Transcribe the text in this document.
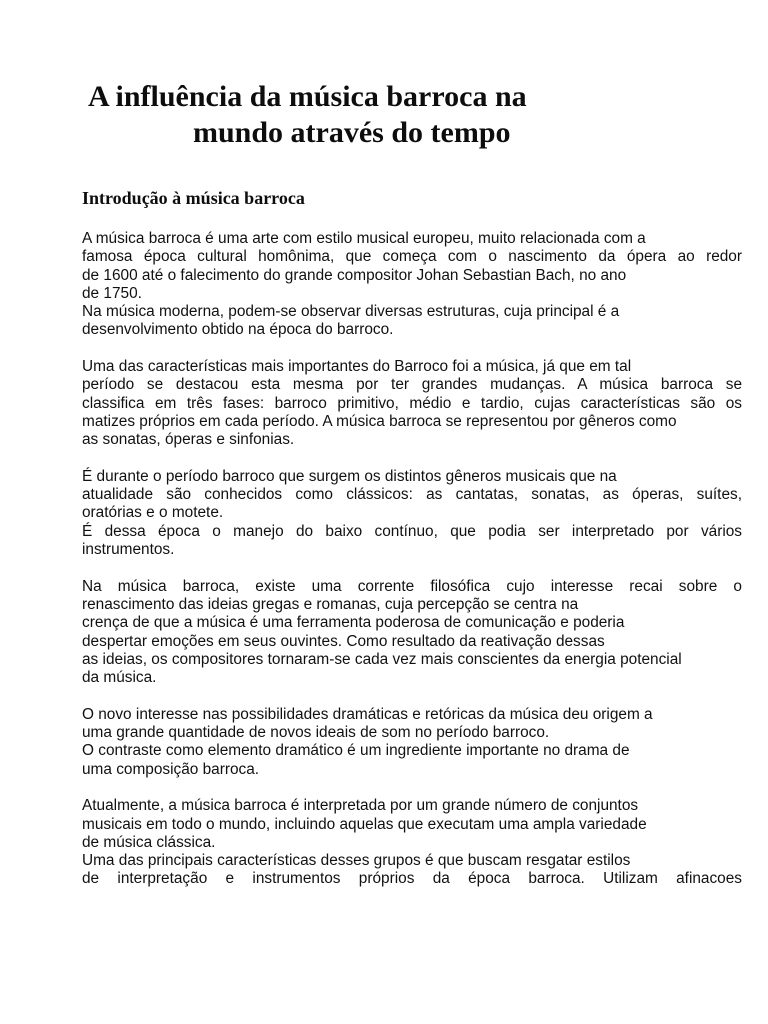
A influência da música barroca na
mundo através do tempo
Introdução à música barroca
A música barroca é uma arte com estilo musical europeu, muito relacionada com a
famosa época cultural homônima, que começa com o nascimento da ópera ao redor
de 1600 até o falecimento do grande compositor Johan Sebastian Bach, no ano
de 1750.
Na música moderna, podem-se observar diversas estruturas, cuja principal é a
desenvolvimento obtido na época do barroco.
Uma das características mais importantes do Barroco foi a música, já que em tal
período se destacou esta mesma por ter grandes mudanças. A música barroca se
classifica em três fases: barroco primitivo, médio e tardio, cujas características são os
matizes próprios em cada período. A música barroca se representou por gêneros como
as sonatas, óperas e sinfonias.
É durante o período barroco que surgem os distintos gêneros musicais que na
atualidade são conhecidos como clássicos: as cantatas, sonatas, as óperas, suítes,
oratórias e o motete.
É dessa época o manejo do baixo contínuo, que podia ser interpretado por vários
instrumentos.
Na música barroca, existe uma corrente filosófica cujo interesse recai sobre o
renascimento das ideias gregas e romanas, cuja percepção se centra na
crença de que a música é uma ferramenta poderosa de comunicação e poderia
despertar emoções em seus ouvintes. Como resultado da reativação dessas
as ideias, os compositores tornaram-se cada vez mais conscientes da energia potencial
da música.
O novo interesse nas possibilidades dramáticas e retóricas da música deu origem a
uma grande quantidade de novos ideais de som no período barroco.
O contraste como elemento dramático é um ingrediente importante no drama de
uma composição barroca.
Atualmente, a música barroca é interpretada por um grande número de conjuntos
musicais em todo o mundo, incluindo aquelas que executam uma ampla variedade
de música clássica.
Uma das principais características desses grupos é que buscam resgatar estilos
de interpretação e instrumentos próprios da época barroca. Utilizam afinacoes
